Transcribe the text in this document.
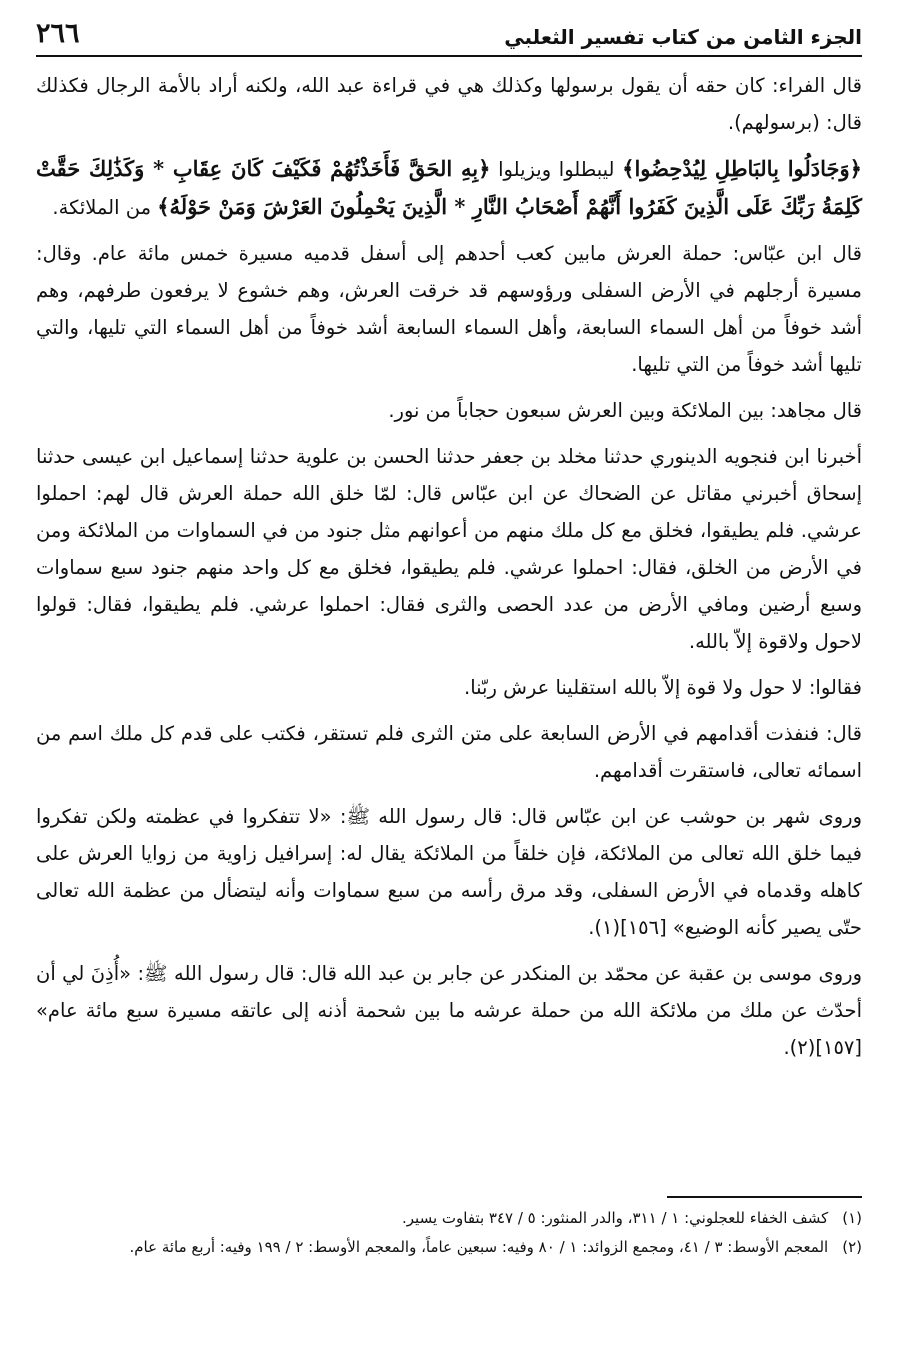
الجزء الثامن من كتاب تفسير الثعلبي
٢٦٦

قال الفراء: كان حقه أن يقول برسولها وكذلك هي في قراءة عبد الله، ولكنه أراد بالأمة الرجال فكذلك قال: (برسولهم).

﴿وَجَادَلُوا بِالبَاطِلِ لِيُدْحِضُوا﴾ ليبطلوا ويزيلوا ﴿بِهِ الحَقَّ فَأَخَذْتُهُمْ فَكَيْفَ كَانَ عِقَابِ * وَكَذَٰلِكَ حَقَّتْ كَلِمَةُ رَبِّكَ عَلَى الَّذِينَ كَفَرُوا أَنَّهُمْ أَصْحَابُ النَّارِ * الَّذِينَ يَحْمِلُونَ العَرْشَ وَمَنْ حَوْلَهُ﴾ من الملائكة.

قال ابن عبّاس: حملة العرش مابين كعب أحدهم إلى أسفل قدميه مسيرة خمس مائة عام. وقال: مسيرة أرجلهم في الأرض السفلى ورؤوسهم قد خرقت العرش، وهم خشوع لا يرفعون طرفهم، وهم أشد خوفاً من أهل السماء السابعة، وأهل السماء السابعة أشد خوفاً من أهل السماء التي تليها، والتي تليها أشد خوفاً من التي تليها.

قال مجاهد: بين الملائكة وبين العرش سبعون حجاباً من نور.

أخبرنا ابن فنجويه الدينوري حدثنا مخلد بن جعفر حدثنا الحسن بن علوية حدثنا إسماعيل ابن عيسى حدثنا إسحاق أخبرني مقاتل عن الضحاك عن ابن عبّاس قال: لمّا خلق الله حملة العرش قال لهم: احملوا عرشي. فلم يطيقوا، فخلق مع كل ملك منهم من أعوانهم مثل جنود من في السماوات من الملائكة ومن في الأرض من الخلق، فقال: احملوا عرشي. فلم يطيقوا، فخلق مع كل واحد منهم جنود سبع سماوات وسبع أرضين ومافي الأرض من عدد الحصى والثرى فقال: احملوا عرشي. فلم يطيقوا، فقال: قولوا لاحول ولاقوة إلاّ بالله.

فقالوا: لا حول ولا قوة إلاّ بالله استقلينا عرش ربّنا.

قال: فنفذت أقدامهم في الأرض السابعة على متن الثرى فلم تستقر، فكتب على قدم كل ملك اسم من اسمائه تعالى، فاستقرت أقدامهم.

وروى شهر بن حوشب عن ابن عبّاس قال: قال رسول الله ﷺ: «لا تتفكروا في عظمته ولكن تفكروا فيما خلق الله تعالى من الملائكة، فإن خلقاً من الملائكة يقال له: إسرافيل زاوية من زوايا العرش على كاهله وقدماه في الأرض السفلى، وقد مرق رأسه من سبع سماوات وأنه ليتضأل من عظمة الله تعالى حتّى يصير كأنه الوضيع» [١٥٦](١).

وروى موسى بن عقبة عن محمّد بن المنكدر عن جابر بن عبد الله قال: قال رسول الله ﷺ: «أُذِنَ لي أن أحدّث عن ملك من ملائكة الله من حملة عرشه ما بين شحمة أذنه إلى عاتقه مسيرة سبع مائة عام» [١٥٧](٢).

(١)
كشف الخفاء للعجلوني: ١ / ٣١١، والدر المنثور: ٥ / ٣٤٧ بتفاوت يسير.
(٢)
المعجم الأوسط: ٣ / ٤١، ومجمع الزوائد: ١ / ٨٠ وفيه: سبعين عاماً، والمعجم الأوسط: ٢ / ١٩٩ وفيه: أربع مائة عام.
